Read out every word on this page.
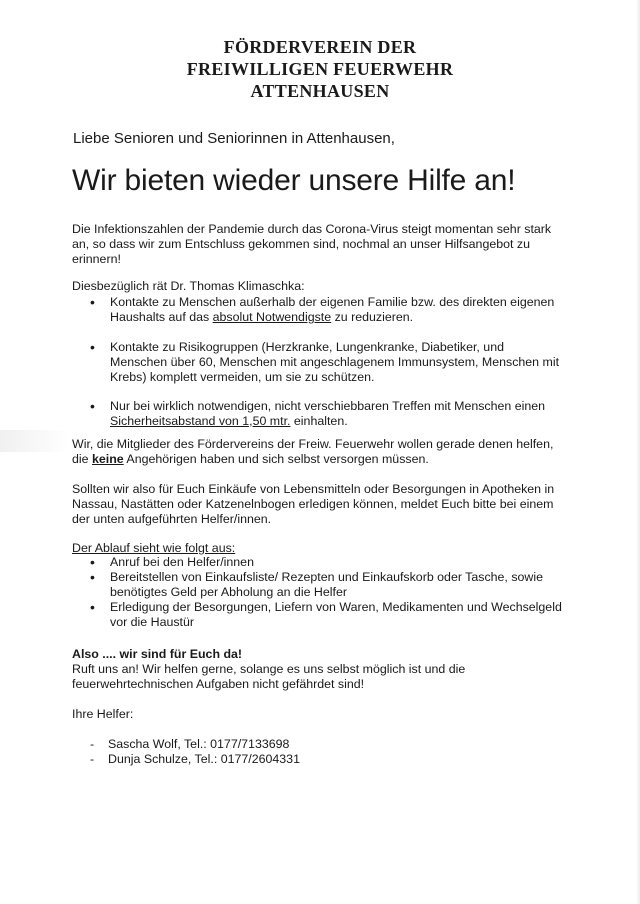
FÖRDERVEREIN DER
FREIWILLIGEN FEUERWEHR
ATTENHAUSEN
Liebe Senioren und Seniorinnen in Attenhausen,
Wir bieten wieder unsere Hilfe an!
Die Infektionszahlen der Pandemie durch das Corona-Virus steigt momentan sehr stark an, so dass wir zum Entschluss gekommen sind, nochmal an unser Hilfsangebot zu erinnern!
Diesbezüglich rät Dr. Thomas Klimaschka:
• Kontakte zu Menschen außerhalb der eigenen Familie bzw. des direkten eigenen Haushalts auf das absolut Notwendigste zu reduzieren.
• Kontakte zu Risikogruppen (Herzkranke, Lungenkranke, Diabetiker, und Menschen über 60, Menschen mit angeschlagenem Immunsystem, Menschen mit Krebs) komplett vermeiden, um sie zu schützen.
• Nur bei wirklich notwendigen, nicht verschiebbaren Treffen mit Menschen einen Sicherheitsabstand von 1,50 mtr. einhalten.
Wir, die Mitglieder des Fördervereins der Freiw. Feuerwehr wollen gerade denen helfen, die keine Angehörigen haben und sich selbst versorgen müssen.
Sollten wir also für Euch Einkäufe von Lebensmitteln oder Besorgungen in Apotheken in Nassau, Nastätten oder Katzenelnbogen erledigen können, meldet Euch bitte bei einem der unten aufgeführten Helfer/innen.
Der Ablauf sieht wie folgt aus:
• Anruf bei den Helfer/innen
• Bereitstellen von Einkaufsliste/ Rezepten und Einkaufskorb oder Tasche, sowie benötigtes Geld per Abholung an die Helfer
• Erledigung der Besorgungen, Liefern von Waren, Medikamenten und Wechselgeld vor die Haustür
Also .... wir sind für Euch da!
Ruft uns an! Wir helfen gerne, solange es uns selbst möglich ist und die feuerwehrtechnischen Aufgaben nicht gefährdet sind!
Ihre Helfer:
- Sascha Wolf, Tel.: 0177/7133698
- Dunja Schulze, Tel.: 0177/2604331
